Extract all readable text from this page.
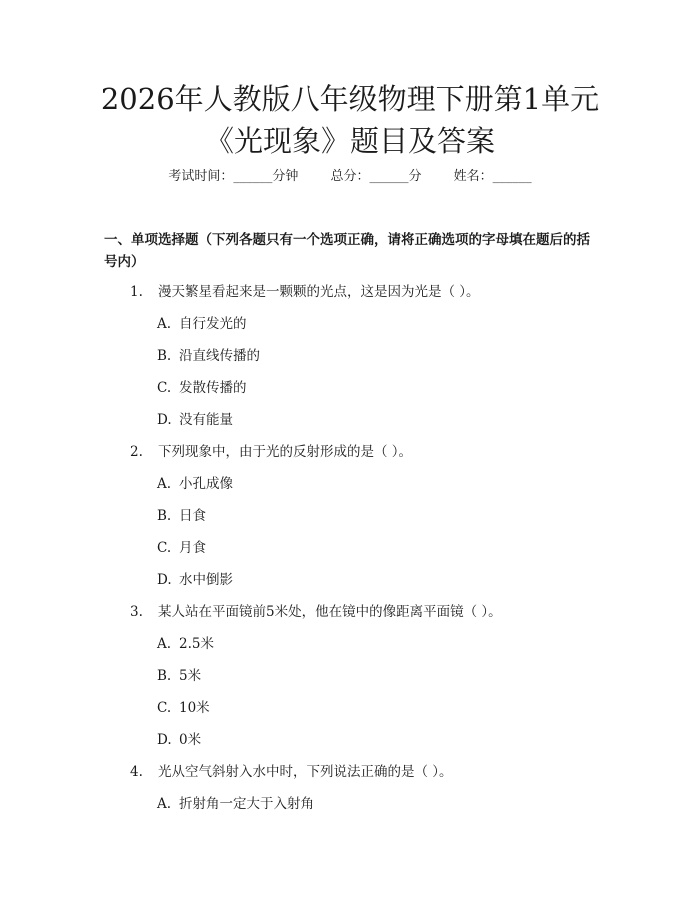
2026年人教版八年级物理下册第1单元《光现象》题目及答案
考试时间：______分钟 总分：______分 姓名：______
一、单项选择题（下列各题只有一个选项正确，请将正确选项的字母填在题后的括号内）
1. 漫天繁星看起来是一颗颗的光点，这是因为光是（ ）。
A. 自行发光的
B. 沿直线传播的
C. 发散传播的
D. 没有能量
2. 下列现象中，由于光的反射形成的是（ ）。
A. 小孔成像
B. 日食
C. 月食
D. 水中倒影
3. 某人站在平面镜前5米处，他在镜中的像距离平面镜（ ）。
A. 2.5米
B. 5米
C. 10米
D. 0米
4. 光从空气斜射入水中时，下列说法正确的是（ ）。
A. 折射角一定大于入射角
